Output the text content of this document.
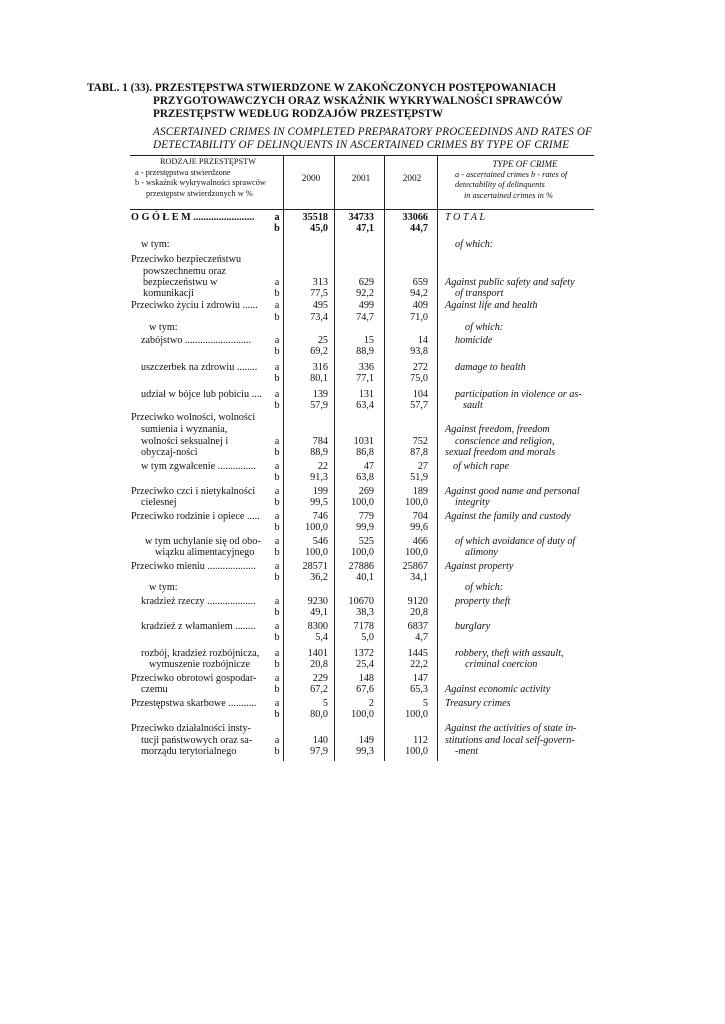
TABL. 1 (33). PRZESTĘPSTWA STWIERDZONE W ZAKOŃCZONYCH POSTĘPOWANIACH
PRZYGOTOWAWCZYCH ORAZ WSKAŹNIK WYKRYWALNOŚCI SPRAWCÓW
PRZESTĘPSTW WEDŁUG RODZAJÓW PRZESTĘPSTW
ASCERTAINED CRIMES IN COMPLETED PREPARATORY PROCEEDINDS AND RATES OF
DETECTABILITY OF DELINQUENTS IN ASCERTAINED CRIMES BY TYPE OF CRIME
RODZAJE PRZESTĘPSTW
a - przestępstwa stwierdzone
b - wskaźnik wykrywalności sprawców
przestępstw stwierdzonych w %
2000	2001	2002
TYPE OF CRIME
a - ascertained crimes b - rates of detectability of delinquents
in ascertained crimes in %
O G Ó Ł E M ........................	a	35518	34733	33066 T O T A L
b	45,0	47,1	44,7
w tym:	of which:
Przeciwko bezpieczeństwu
powszechnemu oraz
bezpieczeństwu w	a	313	629	659 Against public safety and safety
komunikacji	b	77,5	92,2	94,2	of transport
Przeciwko życiu i zdrowiu ......	a	495	499	409 Against life and health
b	73,4	74,7	71,0
w tym:	of which:
zabójstwo ..........................	a	25	15	14	homicide
b	69,2	88,9	93,8
uszczerbek na zdrowiu ........	a	316	336	272	damage to health
b	80,1	77,1	75,0
udział w bójce lub pobiciu ....	a	139	131	104	participation in violence or as-
b	57,9	63,4	57,7	sault
Przeciwko wolności, wolności
sumienia i wyznania,	Against freedom, freedom
wolności seksualnej i	a	784	1031	752	conscience and religion,
obyczaj-ności	b	88,9	86,8	87,8 sexual freedom and morals
w tym zgwałcenie ...............	a	22	47	27	of which rape
b	91,3	63,8	51,9
Przeciwko czci i nietykalności	a	199	269	189 Against good name and personal
cielesnej	b	99,5	100,0	100,0	integrity
Przeciwko rodzinie i opiece .....	a	746	779	704 Against the family and custody
b	100,0	99,9	99,6
w tym uchylanie się od obo-	a	546	525	466	of which avoidance of duty of
wiązku alimentacyjnego	b	100,0	100,0	100,0	alimony
Przeciwko mieniu ...................	a	28571	27886	25867 Against property
b	36,2	40,1	34,1
w tym:	of which:
kradzież rzeczy ...................	a	9230	10670	9120	property theft
b	49,1	38,3	20,8
kradzież z włamaniem ........	a	8300	7178	6837	burglary
b	5,4	5,0	4,7
rozbój, kradzież rozbójnicza,	a	1401	1372	1445	robbery, theft with assault,
wymuszenie rozbójnicze	b	20,8	25,4	22,2	criminal coercion
Przeciwko obrotowi gospodar-	a	229	148	147
czemu	b	67,2	67,6	65,3 Against economic activity
Przestępstwa skarbowe ...........	a	5	2	5 Treasury crimes
b	80,0	100,0	100,0
Przeciwko działalności insty-	Against the activities of state in-
tucji państwowych oraz sa-	a	140	149	112 stitutions and local self-govern-
morządu terytorialnego	b	97,9	99,3	100,0	-ment
